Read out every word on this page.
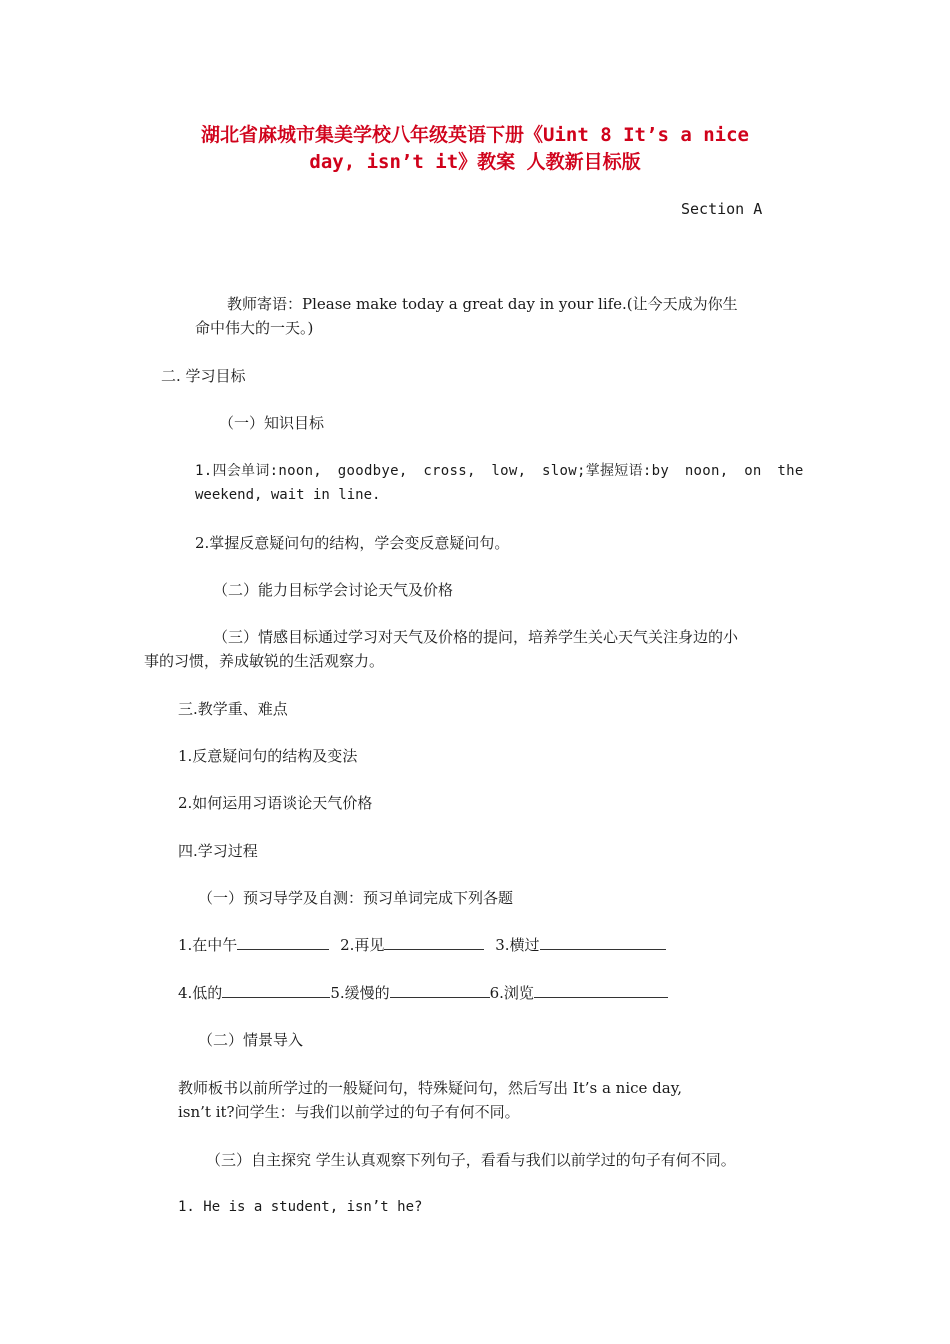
湖北省麻城市集美学校八年级英语下册《Uint 8 It’s a nice
day, isn’t it》教案 人教新目标版
Section A
教师寄语：Please make today a great day in your life.(让今天成为你生
命中伟大的一天。)
二. 学习目标
（一）知识目标
1.四会单词:noon, goodbye, cross, low, slow;掌握短语:by noon, on the
weekend, wait in line.
2.掌握反意疑问句的结构，学会变反意疑问句。
（二）能力目标学会讨论天气及价格
（三）情感目标通过学习对天气及价格的提问，培养学生关心天气关注身边的小
事的习惯，养成敏锐的生活观察力。
三.教学重、难点
1.反意疑问句的结构及变法
2.如何运用习语谈论天气价格
四.学习过程
（一）预习导学及自测：预习单词完成下列各题
1.在中午	2.再见	3.横过
4.低的	5.缓慢的	6.浏览
（二）情景导入
教师板书以前所学过的一般疑问句，特殊疑问句，然后写出 It’s a nice day,
isn’t it?问学生：与我们以前学过的句子有何不同。
（三）自主探究 学生认真观察下列句子，看看与我们以前学过的句子有何不同。
1. He is a student, isn’t he?
